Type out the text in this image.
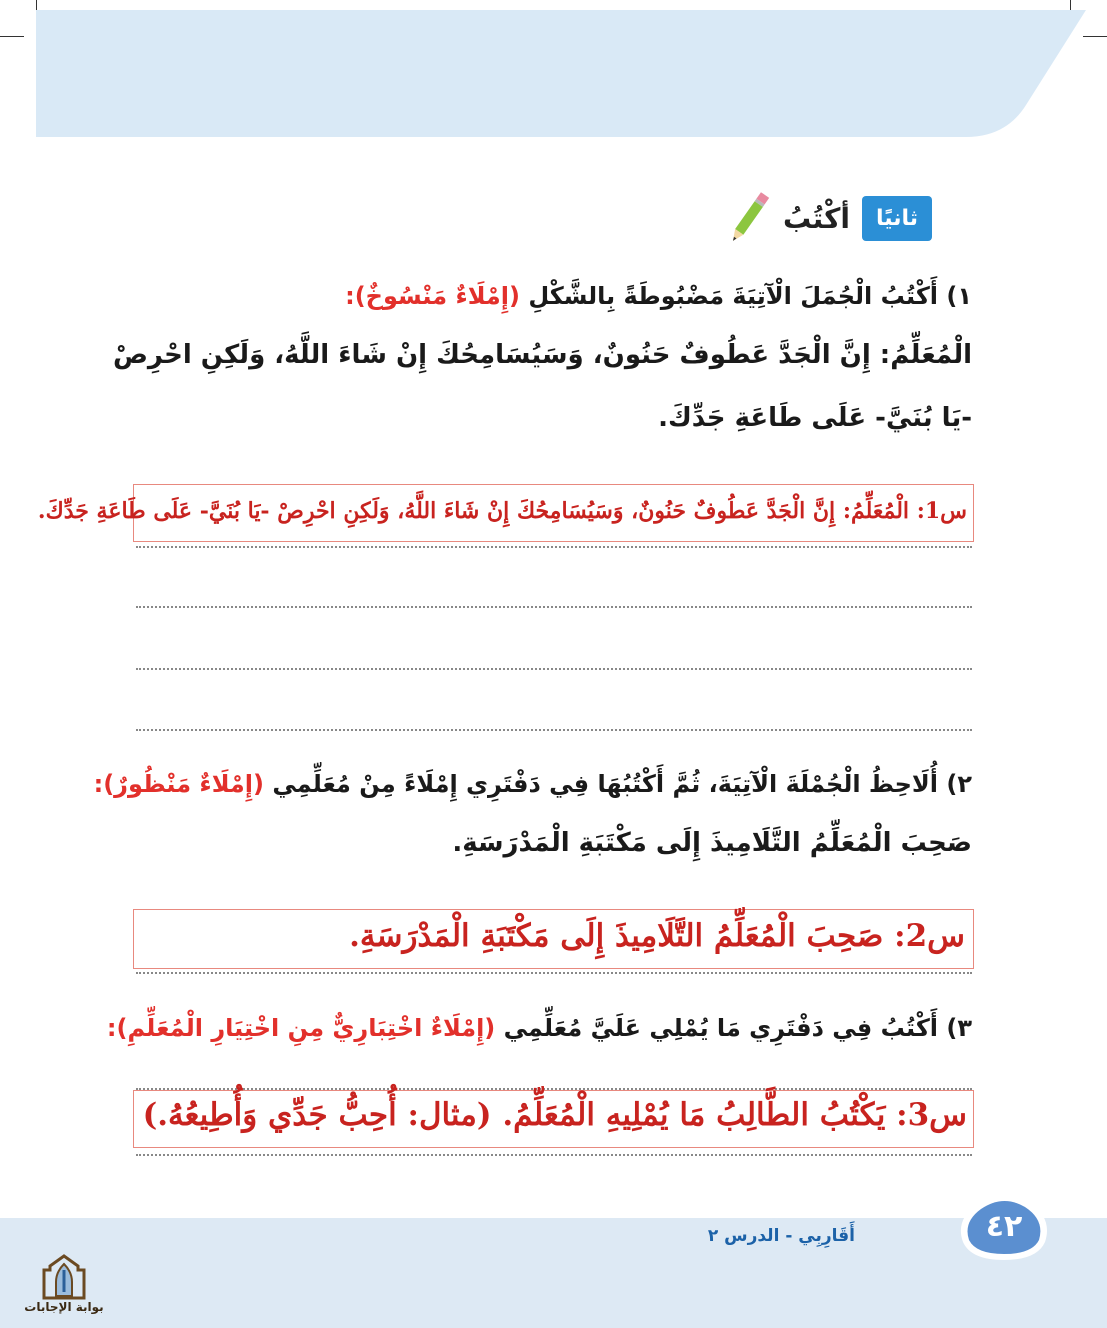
ثانيًا
أكْتُبُ
١) أَكْتُبُ الْجُمَلَ الْآتِيَةَ مَضْبُوطَةً بِالشَّكْلِ (إِمْلَاءٌ مَنْسُوخٌ):
الْمُعَلِّمُ: إِنَّ الْجَدَّ عَطُوفٌ حَنُونٌ، وَسَيُسَامِحُكَ إِنْ شَاءَ اللَّهُ، وَلَكِنِ احْرِصْ
-يَا بُنَيَّ- عَلَى طَاعَةِ جَدِّكَ.
س1: الْمُعَلِّمُ: إِنَّ الْجَدَّ عَطُوفٌ حَنُونٌ، وَسَيُسَامِحُكَ إِنْ شَاءَ اللَّهُ، وَلَكِنِ احْرِصْ -يَا بُنَيَّ- عَلَى طَاعَةِ جَدِّكَ.
٢) أُلَاحِظُ الْجُمْلَةَ الْآتِيَةَ، ثُمَّ أَكْتُبُهَا فِي دَفْتَرِي إِمْلَاءً مِنْ مُعَلِّمِي (إِمْلَاءٌ مَنْظُورٌ):
صَحِبَ الْمُعَلِّمُ التَّلَامِيذَ إِلَى مَكْتَبَةِ الْمَدْرَسَةِ.
س2: صَحِبَ الْمُعَلِّمُ التَّلَامِيذَ إِلَى مَكْتَبَةِ الْمَدْرَسَةِ.
٣) أَكْتُبُ فِي دَفْتَرِي مَا يُمْلِي عَلَيَّ مُعَلِّمِي (إِمْلَاءٌ اخْتِبَارِيٌّ مِنِ اخْتِيَارِ الْمُعَلِّمِ):
س3: يَكْتُبُ الطَّالِبُ مَا يُمْلِيهِ الْمُعَلِّمُ. (مثال: أُحِبُّ جَدِّي وَأُطِيعُهُ.)
أَقَارِبِي - الدرس ٢	٤٢
بوابة الإجابات
